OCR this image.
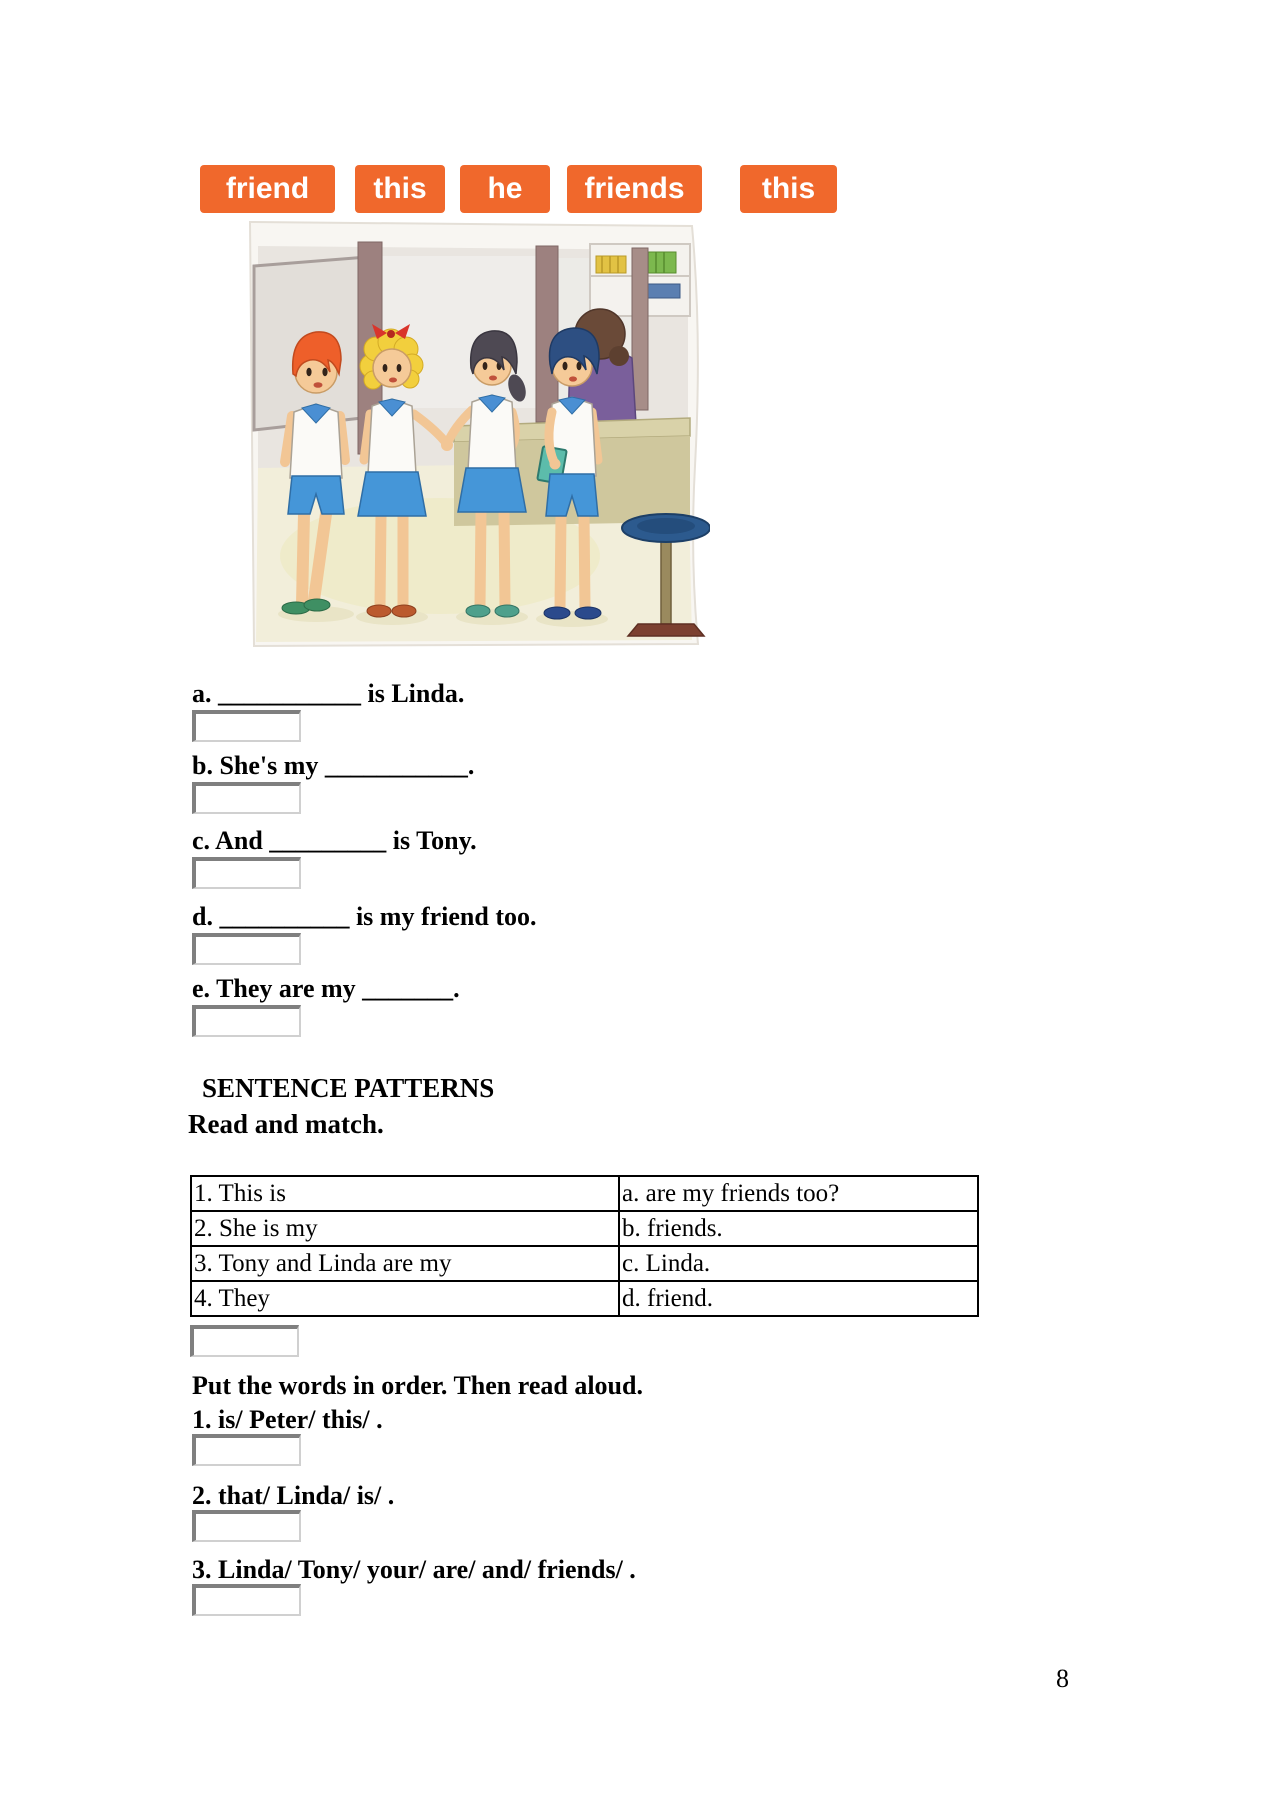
friend	this	he	friends	this

a. ___________ is Linda.

b. She's my ___________.

c. And _________ is Tony.

d. __________ is my friend too.

e. They are my _______.

SENTENCE PATTERNS

Read and match.

1. This is	a. are my friends too?
2. She is my	b. friends.
3. Tony and Linda are my	c. Linda.
4. They	d. friend.

Put the words in order. Then read aloud.

1. is/ Peter/ this/ .

2. that/ Linda/ is/ .

3. Linda/ Tony/ your/ are/ and/ friends/ .

8
